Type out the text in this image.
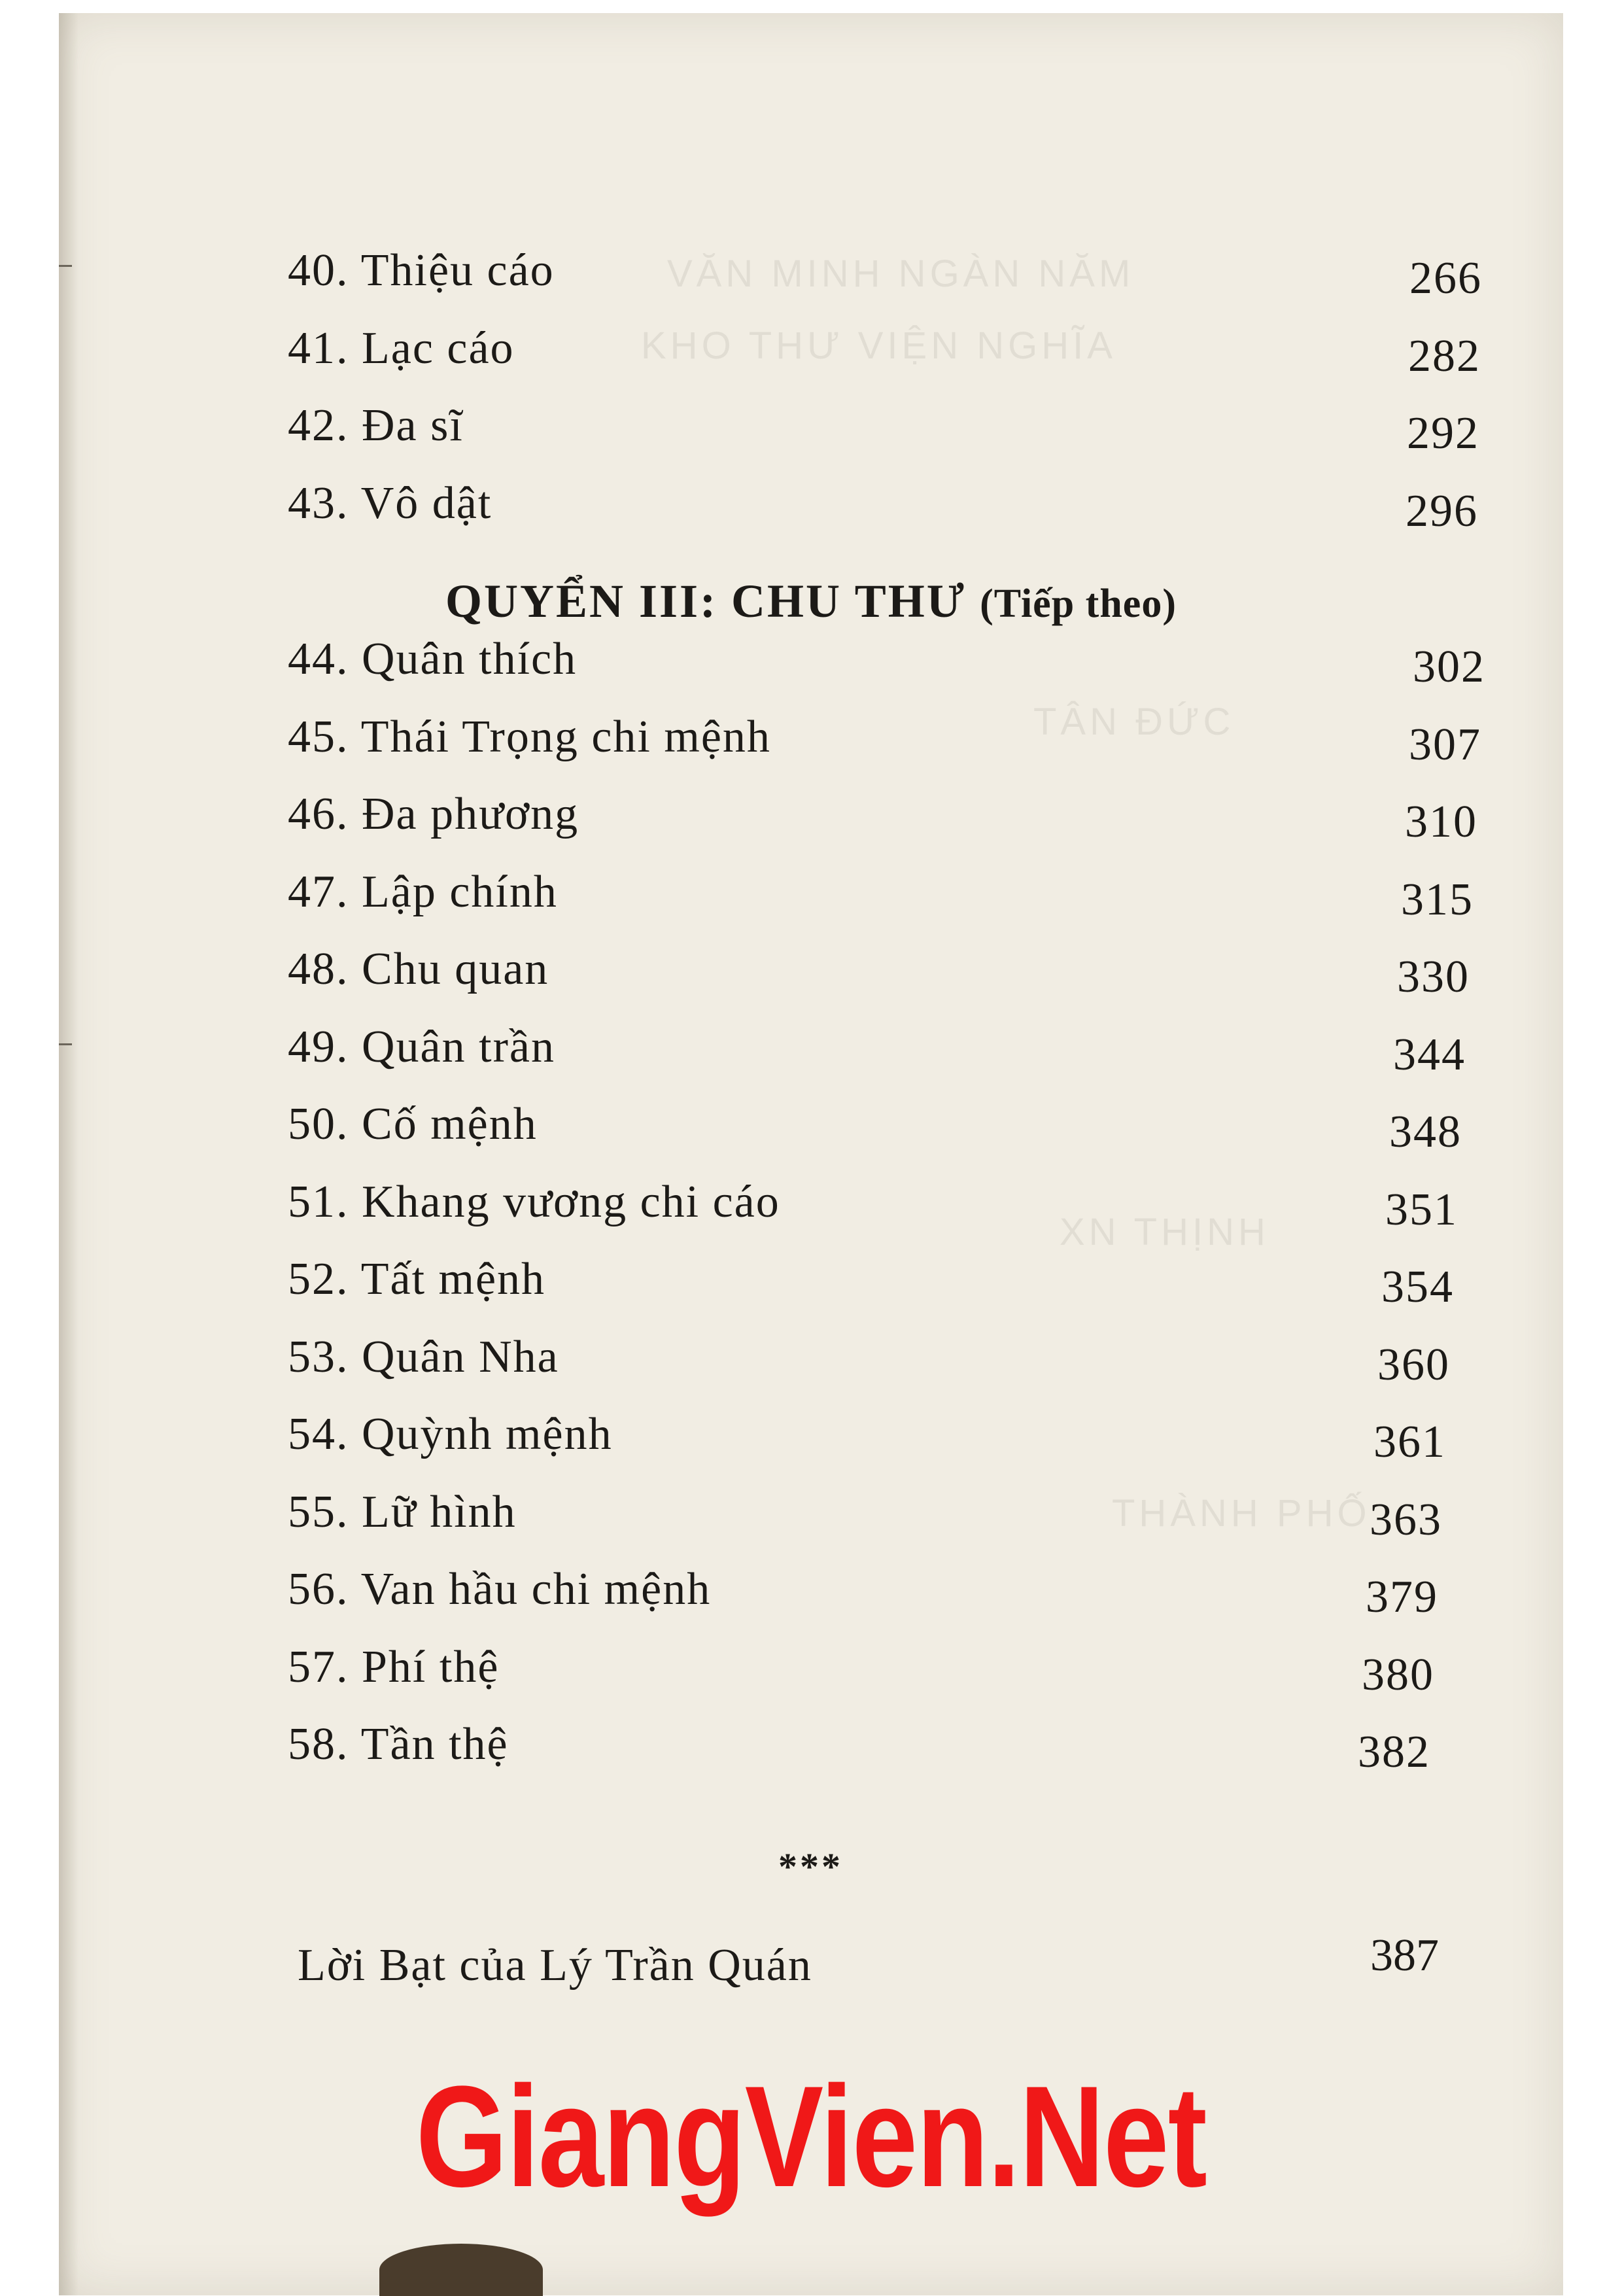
VĂN MINH NGÀN NĂM
KHO THƯ VIỆN NGHĨA
TÂN ĐỨC
XN THỊNH
THÀNH PHỐ
40. Thiệu cáo	266
41. Lạc cáo	282
42. Đa sĩ	292
43. Vô dật	296
44. Quân thích	302
45. Thái Trọng chi mệnh	307
46. Đa phương	310
47. Lập chính	315
48. Chu quan	330
49. Quân trần	344
50. Cố mệnh	348
51. Khang vương chi cáo	351
52. Tất mệnh	354
53. Quân Nha	360
54. Quỳnh mệnh	361
55. Lữ hình	363
56. Van hầu chi mệnh	379
57. Phí thệ	380
58. Tần thệ	382
QUYỂN III: CHU THƯ (Tiếp theo)
***
Lời Bạt của Lý Trần Quán	387
GiangVien.Net
